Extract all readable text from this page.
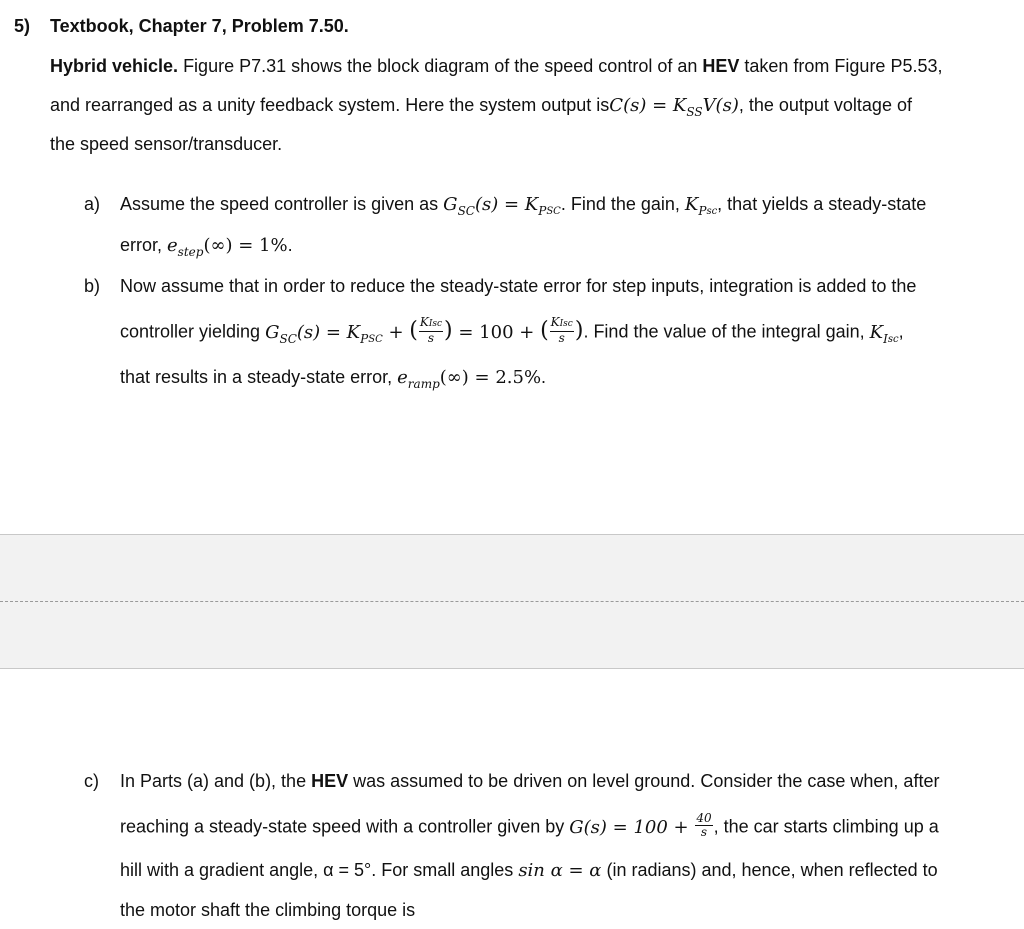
5) Textbook, Chapter 7, Problem 7.50.
Hybrid vehicle. Figure P7.31 shows the block diagram of the speed control of an HEV taken from Figure P5.53,
and rearranged as a unity feedback system. Here the system output $isC(s) = K_{SS}V(s)$, the output voltage of
the speed sensor/transducer.
a) Assume the speed controller is given as $G_{SC}(s) = K_{PSC}$. Find the gain, $K_{Psc}$, that yields a steady-state
error, $e_{step}(\infty) = 1\%$.
b) Now assume that in order to reduce the steady-state error for step inputs, integration is added to the
controller yielding $G_{SC}(s) = K_{PSC}$ + ( $\frac{\text{KIsc}}{s}$ ) = 100 + ( $\frac{\text{KIsc}}{s}$ ). Find the value of the integral gain, $K_{Isc}$,
that results in a steady-state error, $e_{ramp}(\infty) = 2.5\%$.
c) In Parts (a) and (b), the HEV was assumed to be driven on level ground. Consider the case when, after
reaching a steady-state speed with a controller given by $G(s) = 100 + \frac{40}{s}$ , the car starts climbing up a
hill with a gradient angle, α = 5°. For small angles sin α = α (in radians) and, hence, when reflected to
the motor shaft the climbing torque is
